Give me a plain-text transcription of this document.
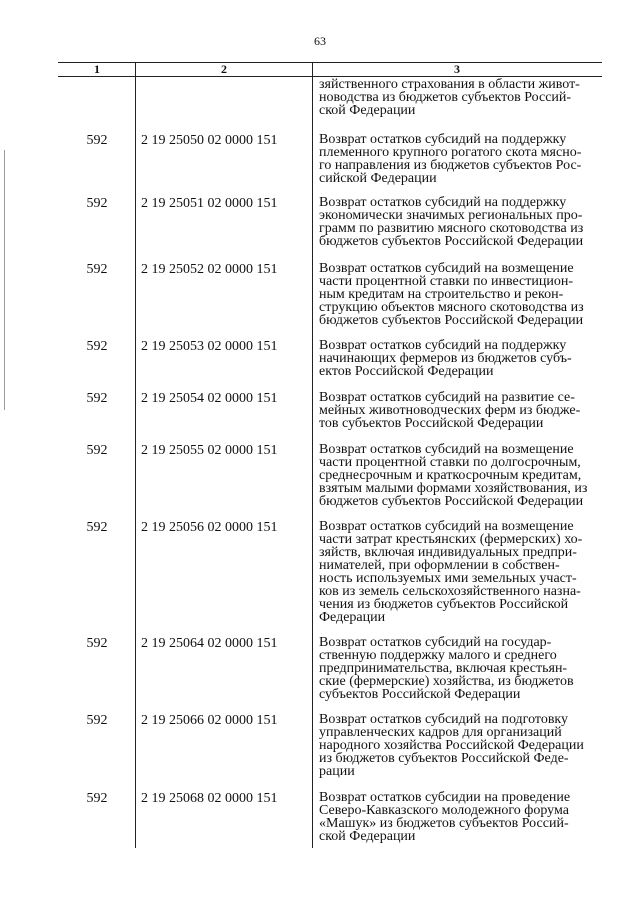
63
1	2	3
зяйственного страхования в области живот-
новодства из бюджетов субъектов Россий-
ской Федерации
592	2 19 25050 02 0000 151	Возврат остатков субсидий на поддержку
племенного крупного рогатого скота мясно-
го направления из бюджетов субъектов Рос-
сийской Федерации
592	2 19 25051 02 0000 151	Возврат остатков субсидий на поддержку
экономически значимых региональных про-
грамм по развитию мясного скотоводства из
бюджетов субъектов Российской Федерации
592	2 19 25052 02 0000 151	Возврат остатков субсидий на возмещение
части процентной ставки по инвестицион-
ным кредитам на строительство и рекон-
струкцию объектов мясного скотоводства из
бюджетов субъектов Российской Федерации
592	2 19 25053 02 0000 151	Возврат остатков субсидий на поддержку
начинающих фермеров из бюджетов субъ-
ектов Российской Федерации
592	2 19 25054 02 0000 151	Возврат остатков субсидий на развитие се-
мейных животноводческих ферм из бюдже-
тов субъектов Российской Федерации
592	2 19 25055 02 0000 151	Возврат остатков субсидий на возмещение
части процентной ставки по долгосрочным,
среднесрочным и краткосрочным кредитам,
взятым малыми формами хозяйствования, из
бюджетов субъектов Российской Федерации
592	2 19 25056 02 0000 151	Возврат остатков субсидий на возмещение
части затрат крестьянских (фермерских) хо-
зяйств, включая индивидуальных предпри-
нимателей, при оформлении в собствен-
ность используемых ими земельных участ-
ков из земель сельскохозяйственного назна-
чения из бюджетов субъектов Российской
Федерации
592	2 19 25064 02 0000 151	Возврат остатков субсидий на государ-
ственную поддержку малого и среднего
предпринимательства, включая крестьян-
ские (фермерские) хозяйства, из бюджетов
субъектов Российской Федерации
592	2 19 25066 02 0000 151	Возврат остатков субсидий на подготовку
управленческих кадров для организаций
народного хозяйства Российской Федерации
из бюджетов субъектов Российской Феде-
рации
592	2 19 25068 02 0000 151	Возврат остатков субсидии на проведение
Северо-Кавказского молодежного форума
«Машук» из бюджетов субъектов Россий-
ской Федерации
